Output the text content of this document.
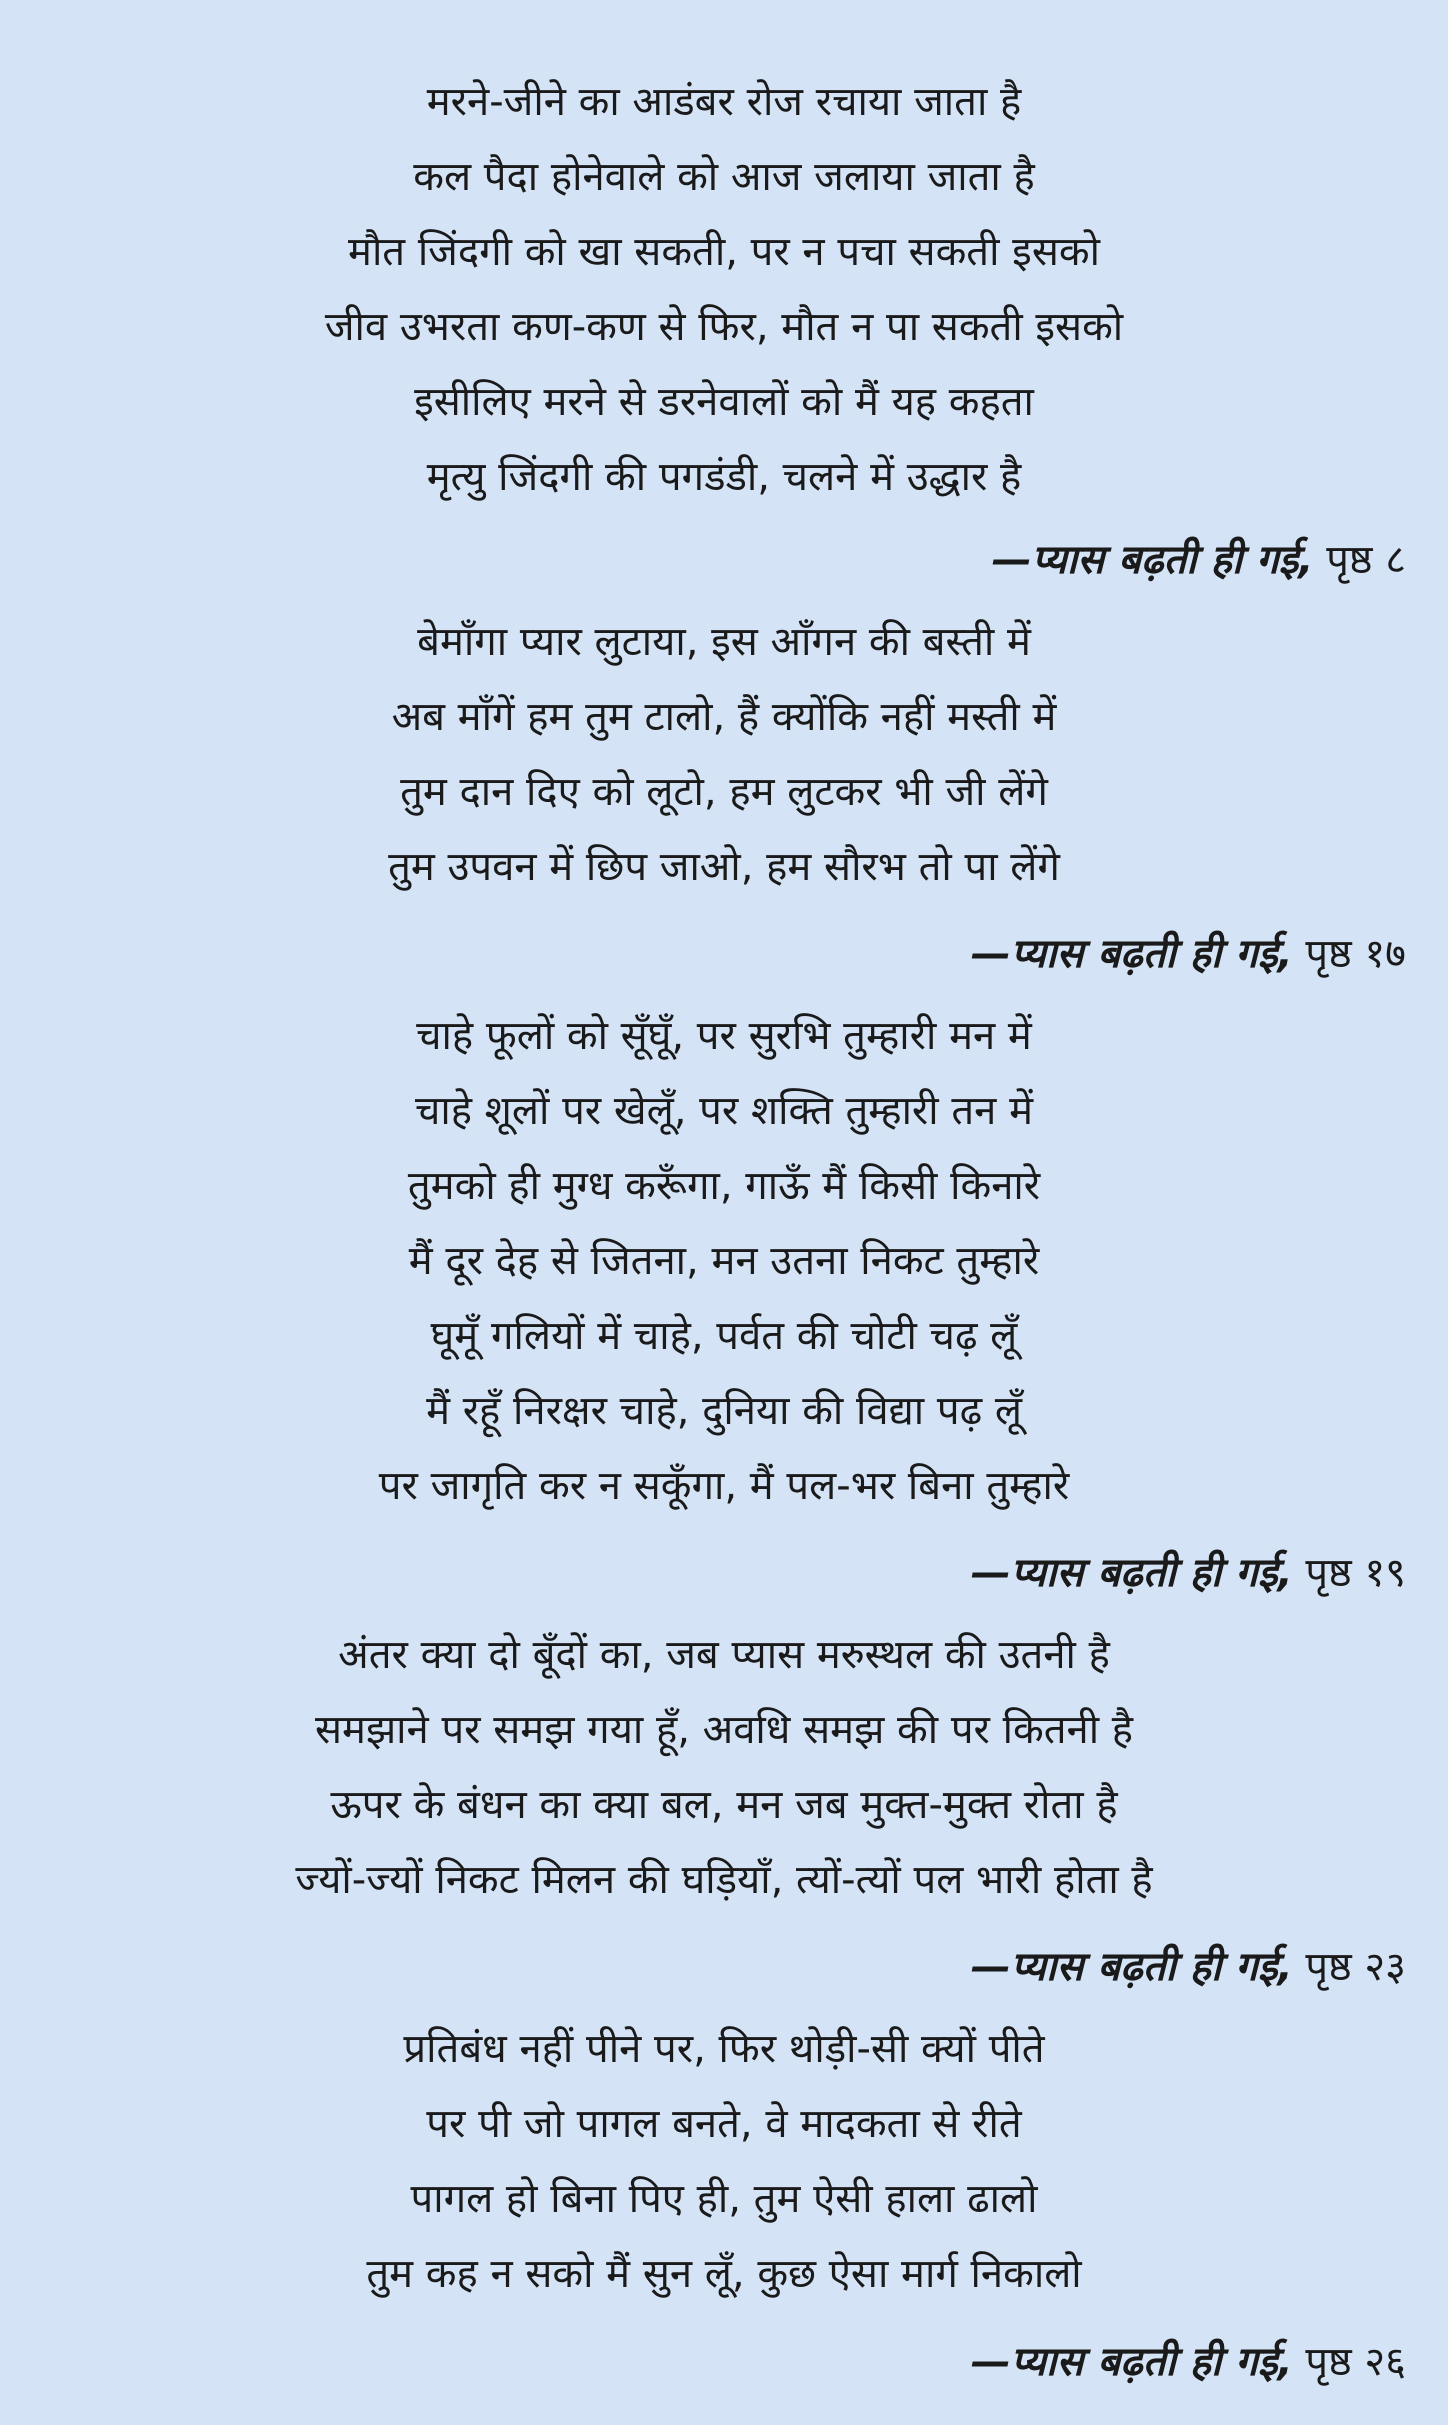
मरने-जीने का आडंबर रोज रचाया जाता है
कल पैदा होनेवाले को आज जलाया जाता है
मौत जिंदगी को खा सकती, पर न पचा सकती इसको
जीव उभरता कण-कण से फिर, मौत न पा सकती इसको
इसीलिए मरने से डरनेवालों को मैं यह कहता
मृत्यु जिंदगी की पगडंडी, चलने में उद्धार है
—प्यास बढ़ती ही गई, पृष्ठ ८
बेमाँगा प्यार लुटाया, इस आँगन की बस्ती में
अब माँगें हम तुम टालो, हैं क्योंकि नहीं मस्ती में
तुम दान दिए को लूटो, हम लुटकर भी जी लेंगे
तुम उपवन में छिप जाओ, हम सौरभ तो पा लेंगे
—प्यास बढ़ती ही गई, पृष्ठ १७
चाहे फूलों को सूँघूँ, पर सुरभि तुम्हारी मन में
चाहे शूलों पर खेलूँ, पर शक्ति तुम्हारी तन में
तुमको ही मुग्ध करूँगा, गाऊँ मैं किसी किनारे
मैं दूर देह से जितना, मन उतना निकट तुम्हारे
घूमूँ गलियों में चाहे, पर्वत की चोटी चढ़ लूँ
मैं रहूँ निरक्षर चाहे, दुनिया की विद्या पढ़ लूँ
पर जागृति कर न सकूँगा, मैं पल-भर बिना तुम्हारे
—प्यास बढ़ती ही गई, पृष्ठ १९
अंतर क्या दो बूँदों का, जब प्यास मरुस्थल की उतनी है
समझाने पर समझ गया हूँ, अवधि समझ की पर कितनी है
ऊपर के बंधन का क्या बल, मन जब मुक्त-मुक्त रोता है
ज्यों-ज्यों निकट मिलन की घड़ियाँ, त्यों-त्यों पल भारी होता है
—प्यास बढ़ती ही गई, पृष्ठ २३
प्रतिबंध नहीं पीने पर, फिर थोड़ी-सी क्यों पीते
पर पी जो पागल बनते, वे मादकता से रीते
पागल हो बिना पिए ही, तुम ऐसी हाला ढालो
तुम कह न सको मैं सुन लूँ, कुछ ऐसा मार्ग निकालो
—प्यास बढ़ती ही गई, पृष्ठ २६
